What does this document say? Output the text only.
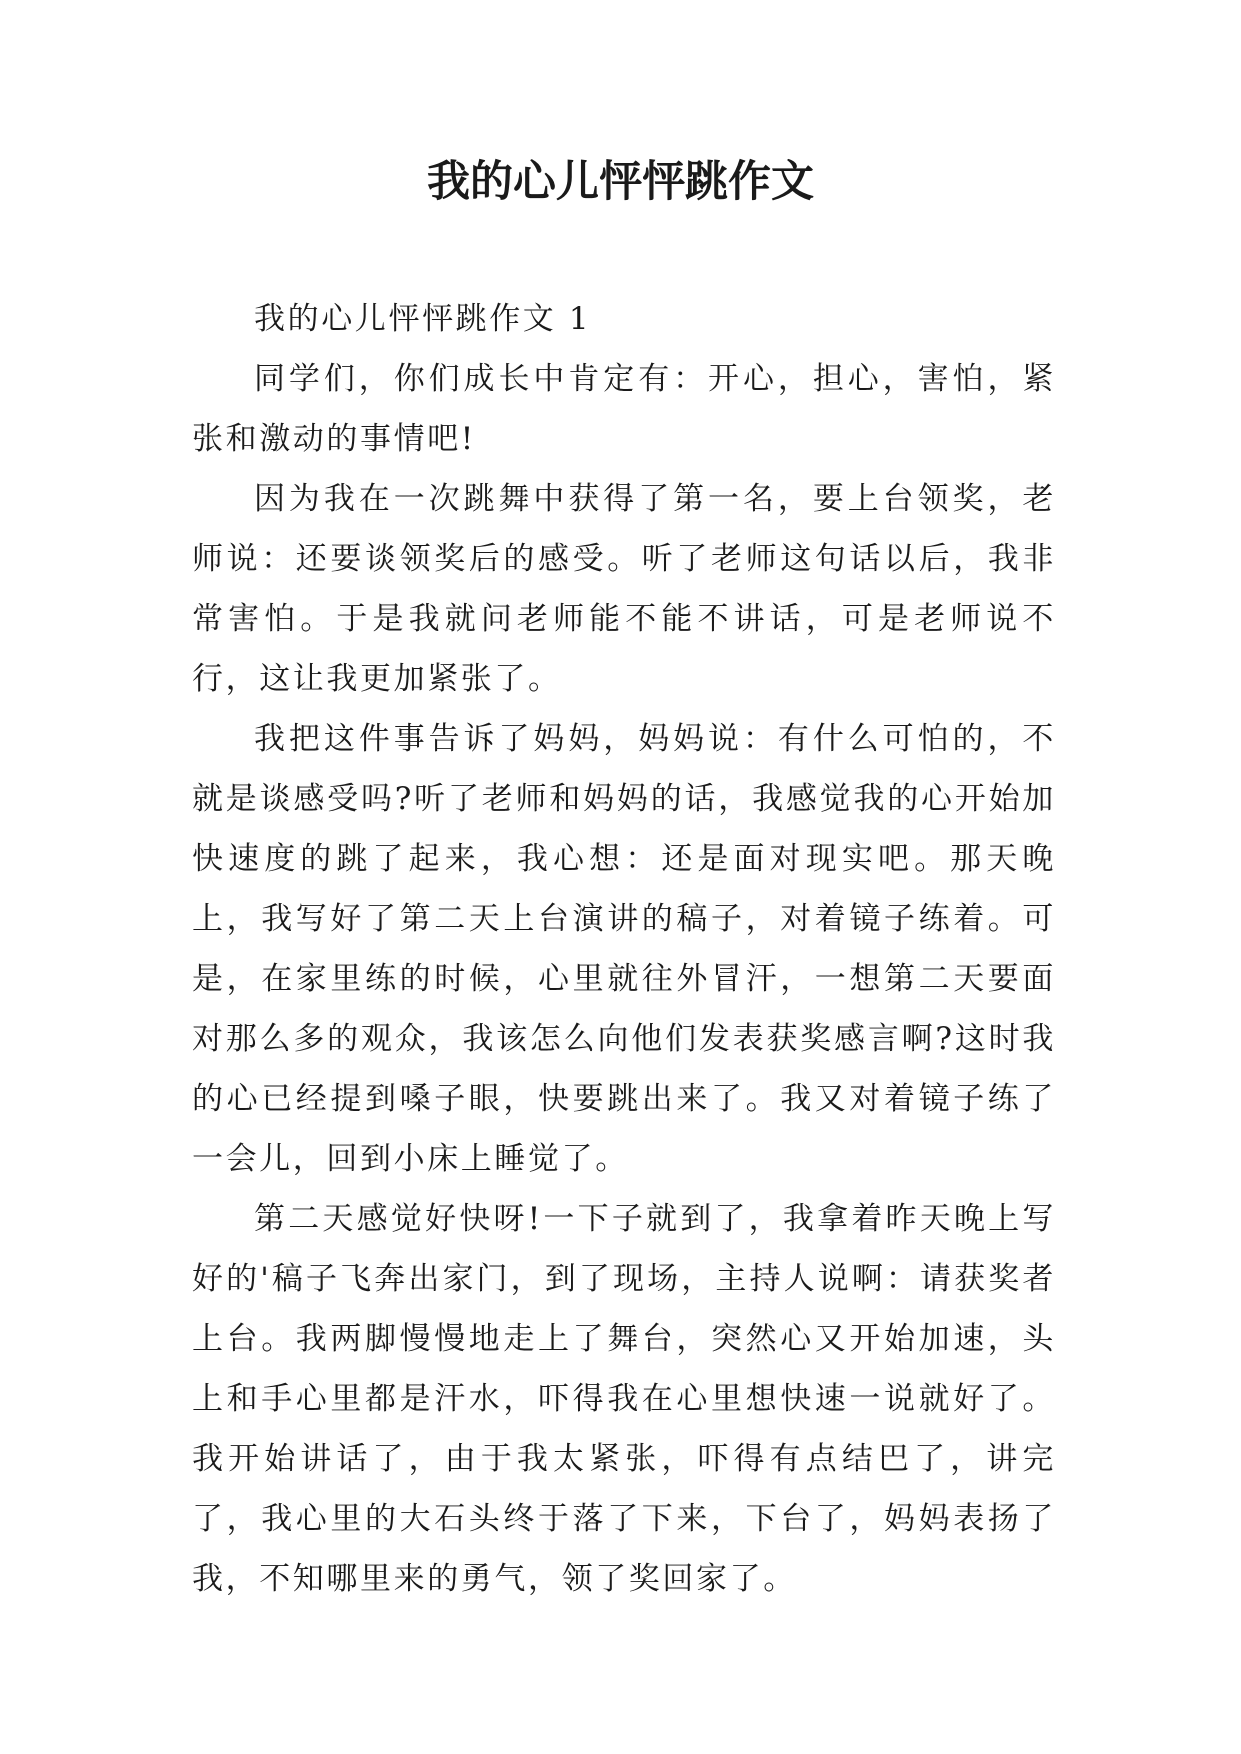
我的心儿怦怦跳作文

我的心儿怦怦跳作文 1

同学们，你们成长中肯定有：开心，担心，害怕，紧张和激动的事情吧!

因为我在一次跳舞中获得了第一名，要上台领奖，老师说：还要谈领奖后的感受。听了老师这句话以后，我非常害怕。于是我就问老师能不能不讲话，可是老师说不行，这让我更加紧张了。

我把这件事告诉了妈妈，妈妈说：有什么可怕的，不就是谈感受吗?听了老师和妈妈的话，我感觉我的心开始加快速度的跳了起来，我心想：还是面对现实吧。那天晚上，我写好了第二天上台演讲的稿子，对着镜子练着。可是，在家里练的时候，心里就往外冒汗，一想第二天要面对那么多的观众，我该怎么向他们发表获奖感言啊?这时我的心已经提到嗓子眼，快要跳出来了。我又对着镜子练了一会儿，回到小床上睡觉了。

第二天感觉好快呀!一下子就到了，我拿着昨天晚上写好的'稿子飞奔出家门，到了现场，主持人说啊：请获奖者上台。我两脚慢慢地走上了舞台，突然心又开始加速，头上和手心里都是汗水，吓得我在心里想快速一说就好了。我开始讲话了，由于我太紧张，吓得有点结巴了，讲完了，我心里的大石头终于落了下来，下台了，妈妈表扬了我，不知哪里来的勇气，领了奖回家了。
